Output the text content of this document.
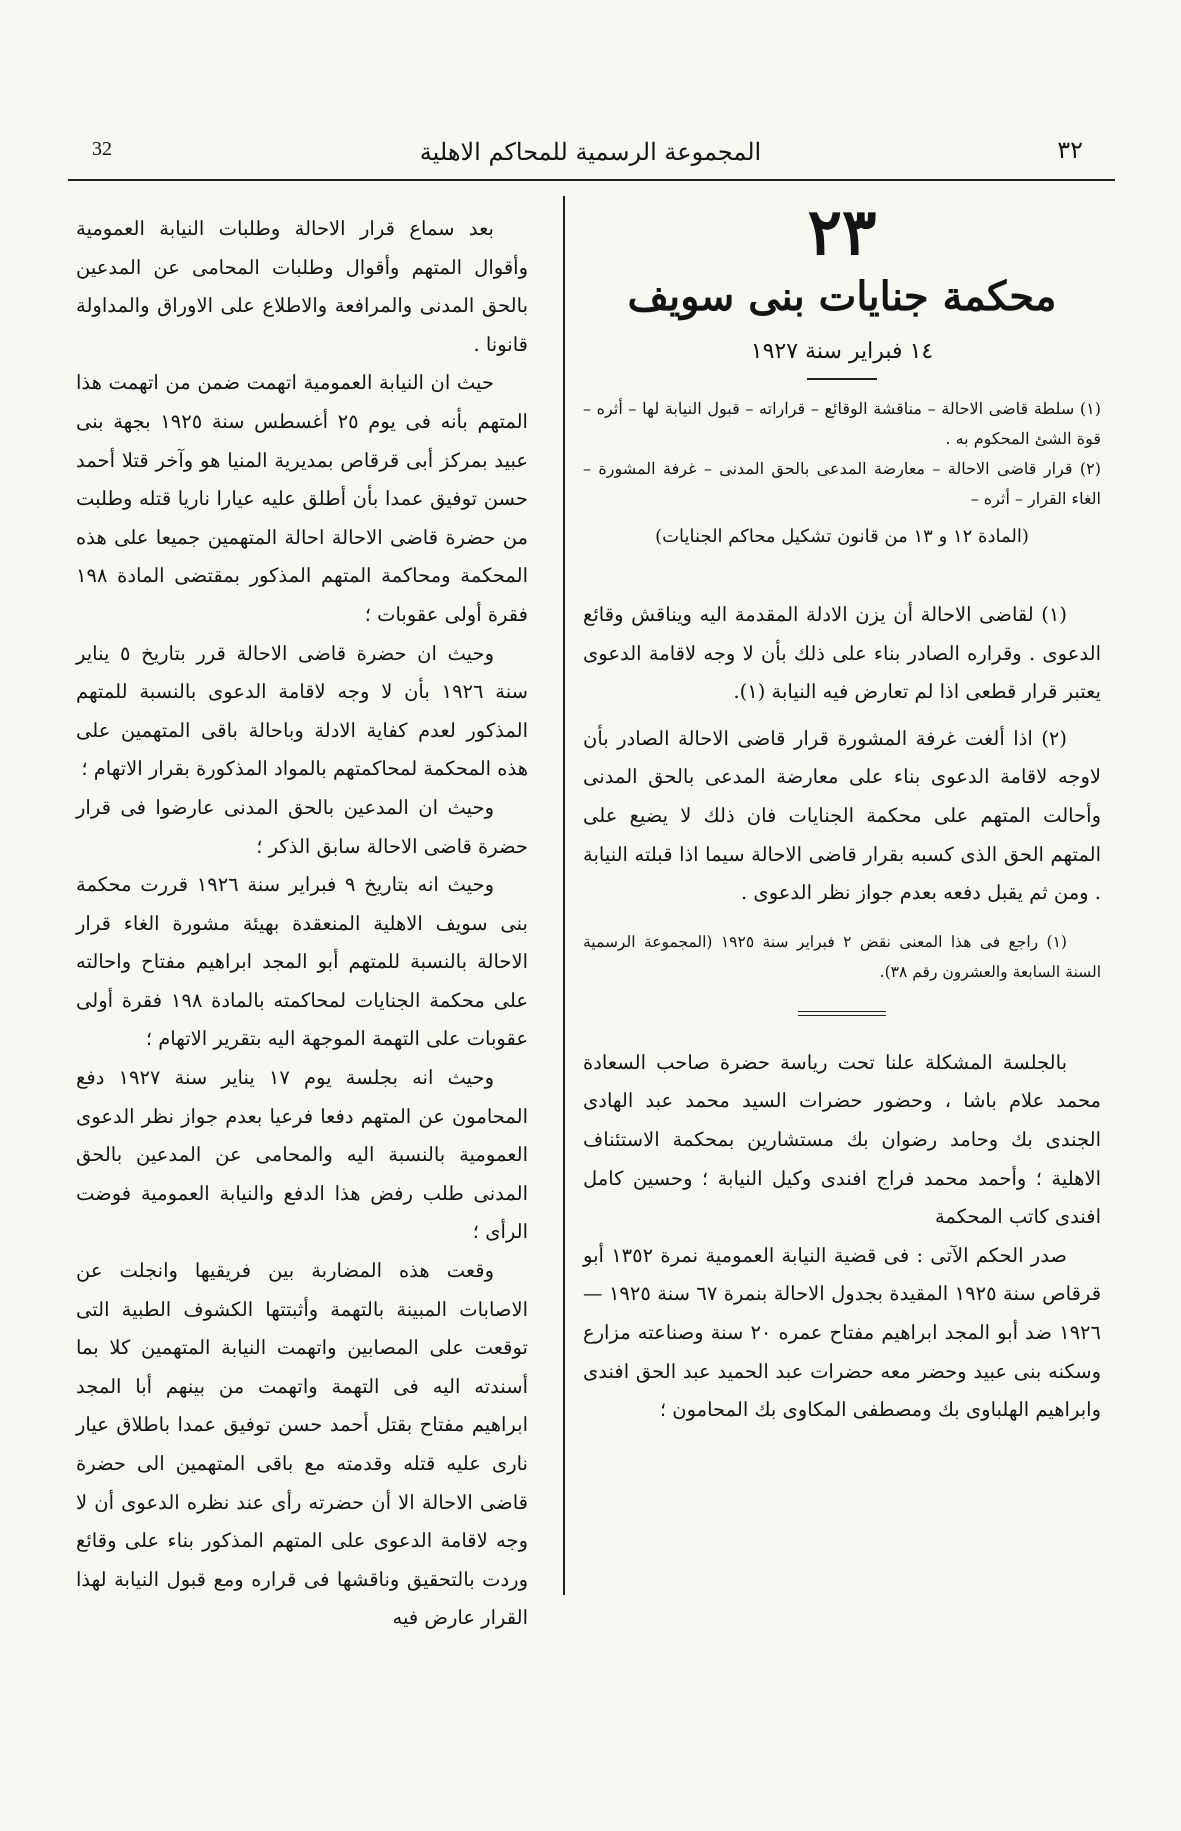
32	المجموعة الرسمية للمحاكم الاهلية	٣٢
٢٣
محكمة جنايات بنى سويف
١٤ فبراير سنة ١٩٢٧

(١) سلطة قاضى الاحالة – مناقشة الوقائع – قراراته – قبول النيابة لها – أثره – قوة الشئ المحكوم به .

(٢) قرار قاضى الاحالة – معارضة المدعى بالحق المدنى – غرفة المشورة – الغاء القرار – أثره –

(المادة ١٢ و ١٣ من قانون تشكيل محاكم الجنايات)

(١) لقاضى الاحالة أن يزن الادلة المقدمة اليه ويناقش وقائع الدعوى . وقراره الصادر بناء على ذلك بأن لا وجه لاقامة الدعوى يعتبر قرار قطعى اذا لم تعارض فيه النيابة (١).

(٢) اذا ألغت غرفة المشورة قرار قاضى الاحالة الصادر بأن لاوجه لاقامة الدعوى بناء على معارضة المدعى بالحق المدنى وأحالت المتهم على محكمة الجنايات فان ذلك لا يضيع على المتهم الحق الذى كسبه بقرار قاضى الاحالة سيما اذا قبلته النيابة . ومن ثم يقبل دفعه بعدم جواز نظر الدعوى .

(١) راجع فى هذا المعنى نقض ٢ فبراير سنة ١٩٢٥ (المجموعة الرسمية السنة السابعة والعشرون رقم ٣٨).

بالجلسة المشكلة علنا تحت رياسة حضرة صاحب السعادة محمد علام باشا ، وحضور حضرات السيد محمد عبد الهادى الجندى بك وحامد رضوان بك مستشارين بمحكمة الاستئناف الاهلية ؛ وأحمد محمد فراج افندى وكيل النيابة ؛ وحسين كامل افندى كاتب المحكمة

صدر الحكم الآتى : فى قضية النيابة العمومية نمرة ١٣٥٢ أبو قرقاص سنة ١٩٢٥ المقيدة بجدول الاحالة بنمرة ٦٧ سنة ١٩٢٥ — ١٩٢٦ ضد أبو المجد ابراهيم مفتاح عمره ٢٠ سنة وصناعته مزارع وسكنه بنى عبيد وحضر معه حضرات عبد الحميد عبد الحق افندى وابراهيم الهلباوى بك ومصطفى المكاوى بك المحامون ؛

بعد سماع قرار الاحالة وطلبات النيابة العمومية وأقوال المتهم وأقوال وطلبات المحامى عن المدعين بالحق المدنى والمرافعة والاطلاع على الاوراق والمداولة قانونا .

حيث ان النيابة العمومية اتهمت ضمن من اتهمت هذا المتهم بأنه فى يوم ٢٥ أغسطس سنة ١٩٢٥ بجهة بنى عبيد بمركز أبى قرقاص بمديرية المنيا هو وآخر قتلا أحمد حسن توفيق عمدا بأن أطلق عليه عيارا ناريا قتله وطلبت من حضرة قاضى الاحالة احالة المتهمين جميعا على هذه المحكمة ومحاكمة المتهم المذكور بمقتضى المادة ١٩٨ فقرة أولى عقوبات ؛

وحيث ان حضرة قاضى الاحالة قرر بتاريخ ٥ يناير سنة ١٩٢٦ بأن لا وجه لاقامة الدعوى بالنسبة للمتهم المذكور لعدم كفاية الادلة وباحالة باقى المتهمين على هذه المحكمة لمحاكمتهم بالمواد المذكورة بقرار الاتهام ؛

وحيث ان المدعين بالحق المدنى عارضوا فى قرار حضرة قاضى الاحالة سابق الذكر ؛

وحيث انه بتاريخ ٩ فبراير سنة ١٩٢٦ قررت محكمة بنى سويف الاهلية المنعقدة بهيئة مشورة الغاء قرار الاحالة بالنسبة للمتهم أبو المجد ابراهيم مفتاح واحالته على محكمة الجنايات لمحاكمته بالمادة ١٩٨ فقرة أولى عقوبات على التهمة الموجهة اليه بتقرير الاتهام ؛

وحيث انه بجلسة يوم ١٧ يناير سنة ١٩٢٧ دفع المحامون عن المتهم دفعا فرعيا بعدم جواز نظر الدعوى العمومية بالنسبة اليه والمحامى عن المدعين بالحق المدنى طلب رفض هذا الدفع والنيابة العمومية فوضت الرأى ؛

وقعت هذه المضاربة بين فريقيها وانجلت عن الاصابات المبينة بالتهمة وأثبتتها الكشوف الطبية التى توقعت على المصابين واتهمت النيابة المتهمين كلا بما أسندته اليه فى التهمة واتهمت من بينهم أبا المجد ابراهيم مفتاح بقتل أحمد حسن توفيق عمدا باطلاق عيار نارى عليه قتله وقدمته مع باقى المتهمين الى حضرة قاضى الاحالة الا أن حضرته رأى عند نظره الدعوى أن لا وجه لاقامة الدعوى على المتهم المذكور بناء على وقائع وردت بالتحقيق وناقشها فى قراره ومع قبول النيابة لهذا القرار عارض فيه
